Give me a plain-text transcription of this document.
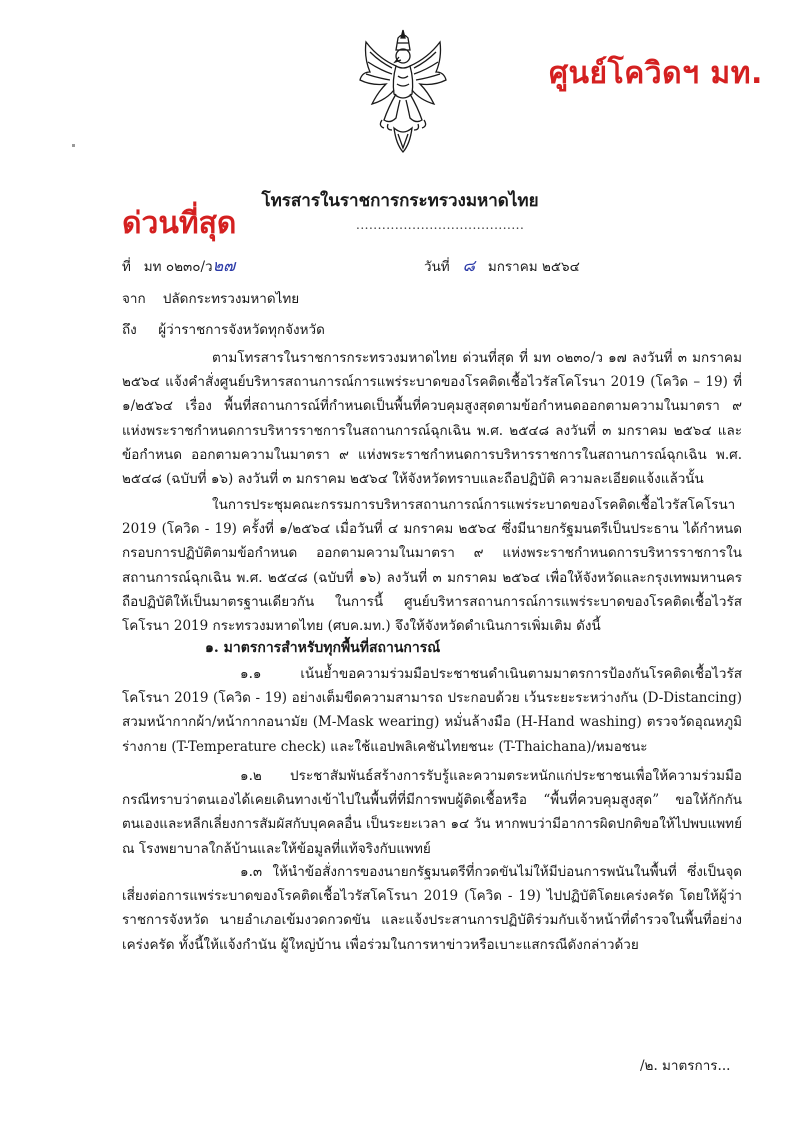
ศูนย์โควิดฯ มท.
โทรสารในราชการกระทรวงมหาดไทย
ด่วนที่สุด	.......................................
ที่ มท ๐๒๓๐/ว๒๗	วันที่ ๘ มกราคม ๒๕๖๔
จาก ปลัดกระทรวงมหาดไทย
ถึง ผู้ว่าราชการจังหวัดทุกจังหวัด
ตามโทรสารในราชการกระทรวงมหาดไทย ด่วนที่สุด ที่ มท ๐๒๓๐/ว ๑๗ ลงวันที่ ๓ มกราคม ๒๕๖๔ แจ้งคำสั่งศูนย์บริหารสถานการณ์การแพร่ระบาดของโรคติดเชื้อไวรัสโคโรนา 2019 (โควิด – 19) ที่ ๑/๒๕๖๔ เรื่อง พื้นที่สถานการณ์ที่กำหนดเป็นพื้นที่ควบคุมสูงสุดตามข้อกำหนดออกตามความในมาตรา ๙ แห่งพระราชกำหนดการบริหารราชการในสถานการณ์ฉุกเฉิน พ.ศ. ๒๕๔๘ ลงวันที่ ๓ มกราคม ๒๕๖๔ และข้อกำหนด ออกตามความในมาตรา ๙ แห่งพระราชกำหนดการบริหารราชการในสถานการณ์ฉุกเฉิน พ.ศ. ๒๕๔๘ (ฉบับที่ ๑๖) ลงวันที่ ๓ มกราคม ๒๕๖๔ ให้จังหวัดทราบและถือปฏิบัติ ความละเอียดแจ้งแล้วนั้น
ในการประชุมคณะกรรมการบริหารสถานการณ์การแพร่ระบาดของโรคติดเชื้อไวรัสโคโรนา 2019 (โควิด - 19) ครั้งที่ ๑/๒๕๖๔ เมื่อวันที่ ๔ มกราคม ๒๕๖๔ ซึ่งมีนายกรัฐมนตรีเป็นประธาน ได้กำหนดกรอบการปฏิบัติตามข้อกำหนด ออกตามความในมาตรา ๙ แห่งพระราชกำหนดการบริหารราชการในสถานการณ์ฉุกเฉิน พ.ศ. ๒๕๔๘ (ฉบับที่ ๑๖) ลงวันที่ ๓ มกราคม ๒๕๖๔ เพื่อให้จังหวัดและกรุงเทพมหานครถือปฏิบัติให้เป็นมาตรฐานเดียวกัน ในการนี้ ศูนย์บริหารสถานการณ์การแพร่ระบาดของโรคติดเชื้อไวรัสโคโรนา 2019 กระทรวงมหาดไทย (ศบค.มท.) จึงให้จังหวัดดำเนินการเพิ่มเติม ดังนี้
๑. มาตรการสำหรับทุกพื้นที่สถานการณ์
๑.๑ เน้นย้ำขอความร่วมมือประชาชนดำเนินตามมาตรการป้องกันโรคติดเชื้อไวรัสโคโรนา 2019 (โควิด - 19) อย่างเต็มขีดความสามารถ ประกอบด้วย เว้นระยะระหว่างกัน (D-Distancing) สวมหน้ากากผ้า/หน้ากากอนามัย (M-Mask wearing) หมั่นล้างมือ (H-Hand washing) ตรวจวัดอุณหภูมิร่างกาย (T-Temperature check) และใช้แอปพลิเคชันไทยชนะ (T-Thaichana)/หมอชนะ
๑.๒ ประชาสัมพันธ์สร้างการรับรู้และความตระหนักแก่ประชาชนเพื่อให้ความร่วมมือ กรณีทราบว่าตนเองได้เคยเดินทางเข้าไปในพื้นที่ที่มีการพบผู้ติดเชื้อหรือ “พื้นที่ควบคุมสูงสุด” ขอให้กักกันตนเองและหลีกเลี่ยงการสัมผัสกับบุคคลอื่น เป็นระยะเวลา ๑๔ วัน หากพบว่ามีอาการผิดปกติขอให้ไปพบแพทย์ ณ โรงพยาบาลใกล้บ้านและให้ข้อมูลที่แท้จริงกับแพทย์
๑.๓ ให้นำข้อสั่งการของนายกรัฐมนตรีที่กวดขันไม่ให้มีบ่อนการพนันในพื้นที่ ซึ่งเป็นจุดเสี่ยงต่อการแพร่ระบาดของโรคติดเชื้อไวรัสโคโรนา 2019 (โควิด - 19) ไปปฏิบัติโดยเคร่งครัด โดยให้ผู้ว่าราชการจังหวัด นายอำเภอเข้มงวดกวดขัน และแจ้งประสานการปฏิบัติร่วมกับเจ้าหน้าที่ตำรวจในพื้นที่อย่างเคร่งครัด ทั้งนี้ให้แจ้งกำนัน ผู้ใหญ่บ้าน เพื่อร่วมในการหาข่าวหรือเบาะแสกรณีดังกล่าวด้วย
/๒. มาตรการ...
